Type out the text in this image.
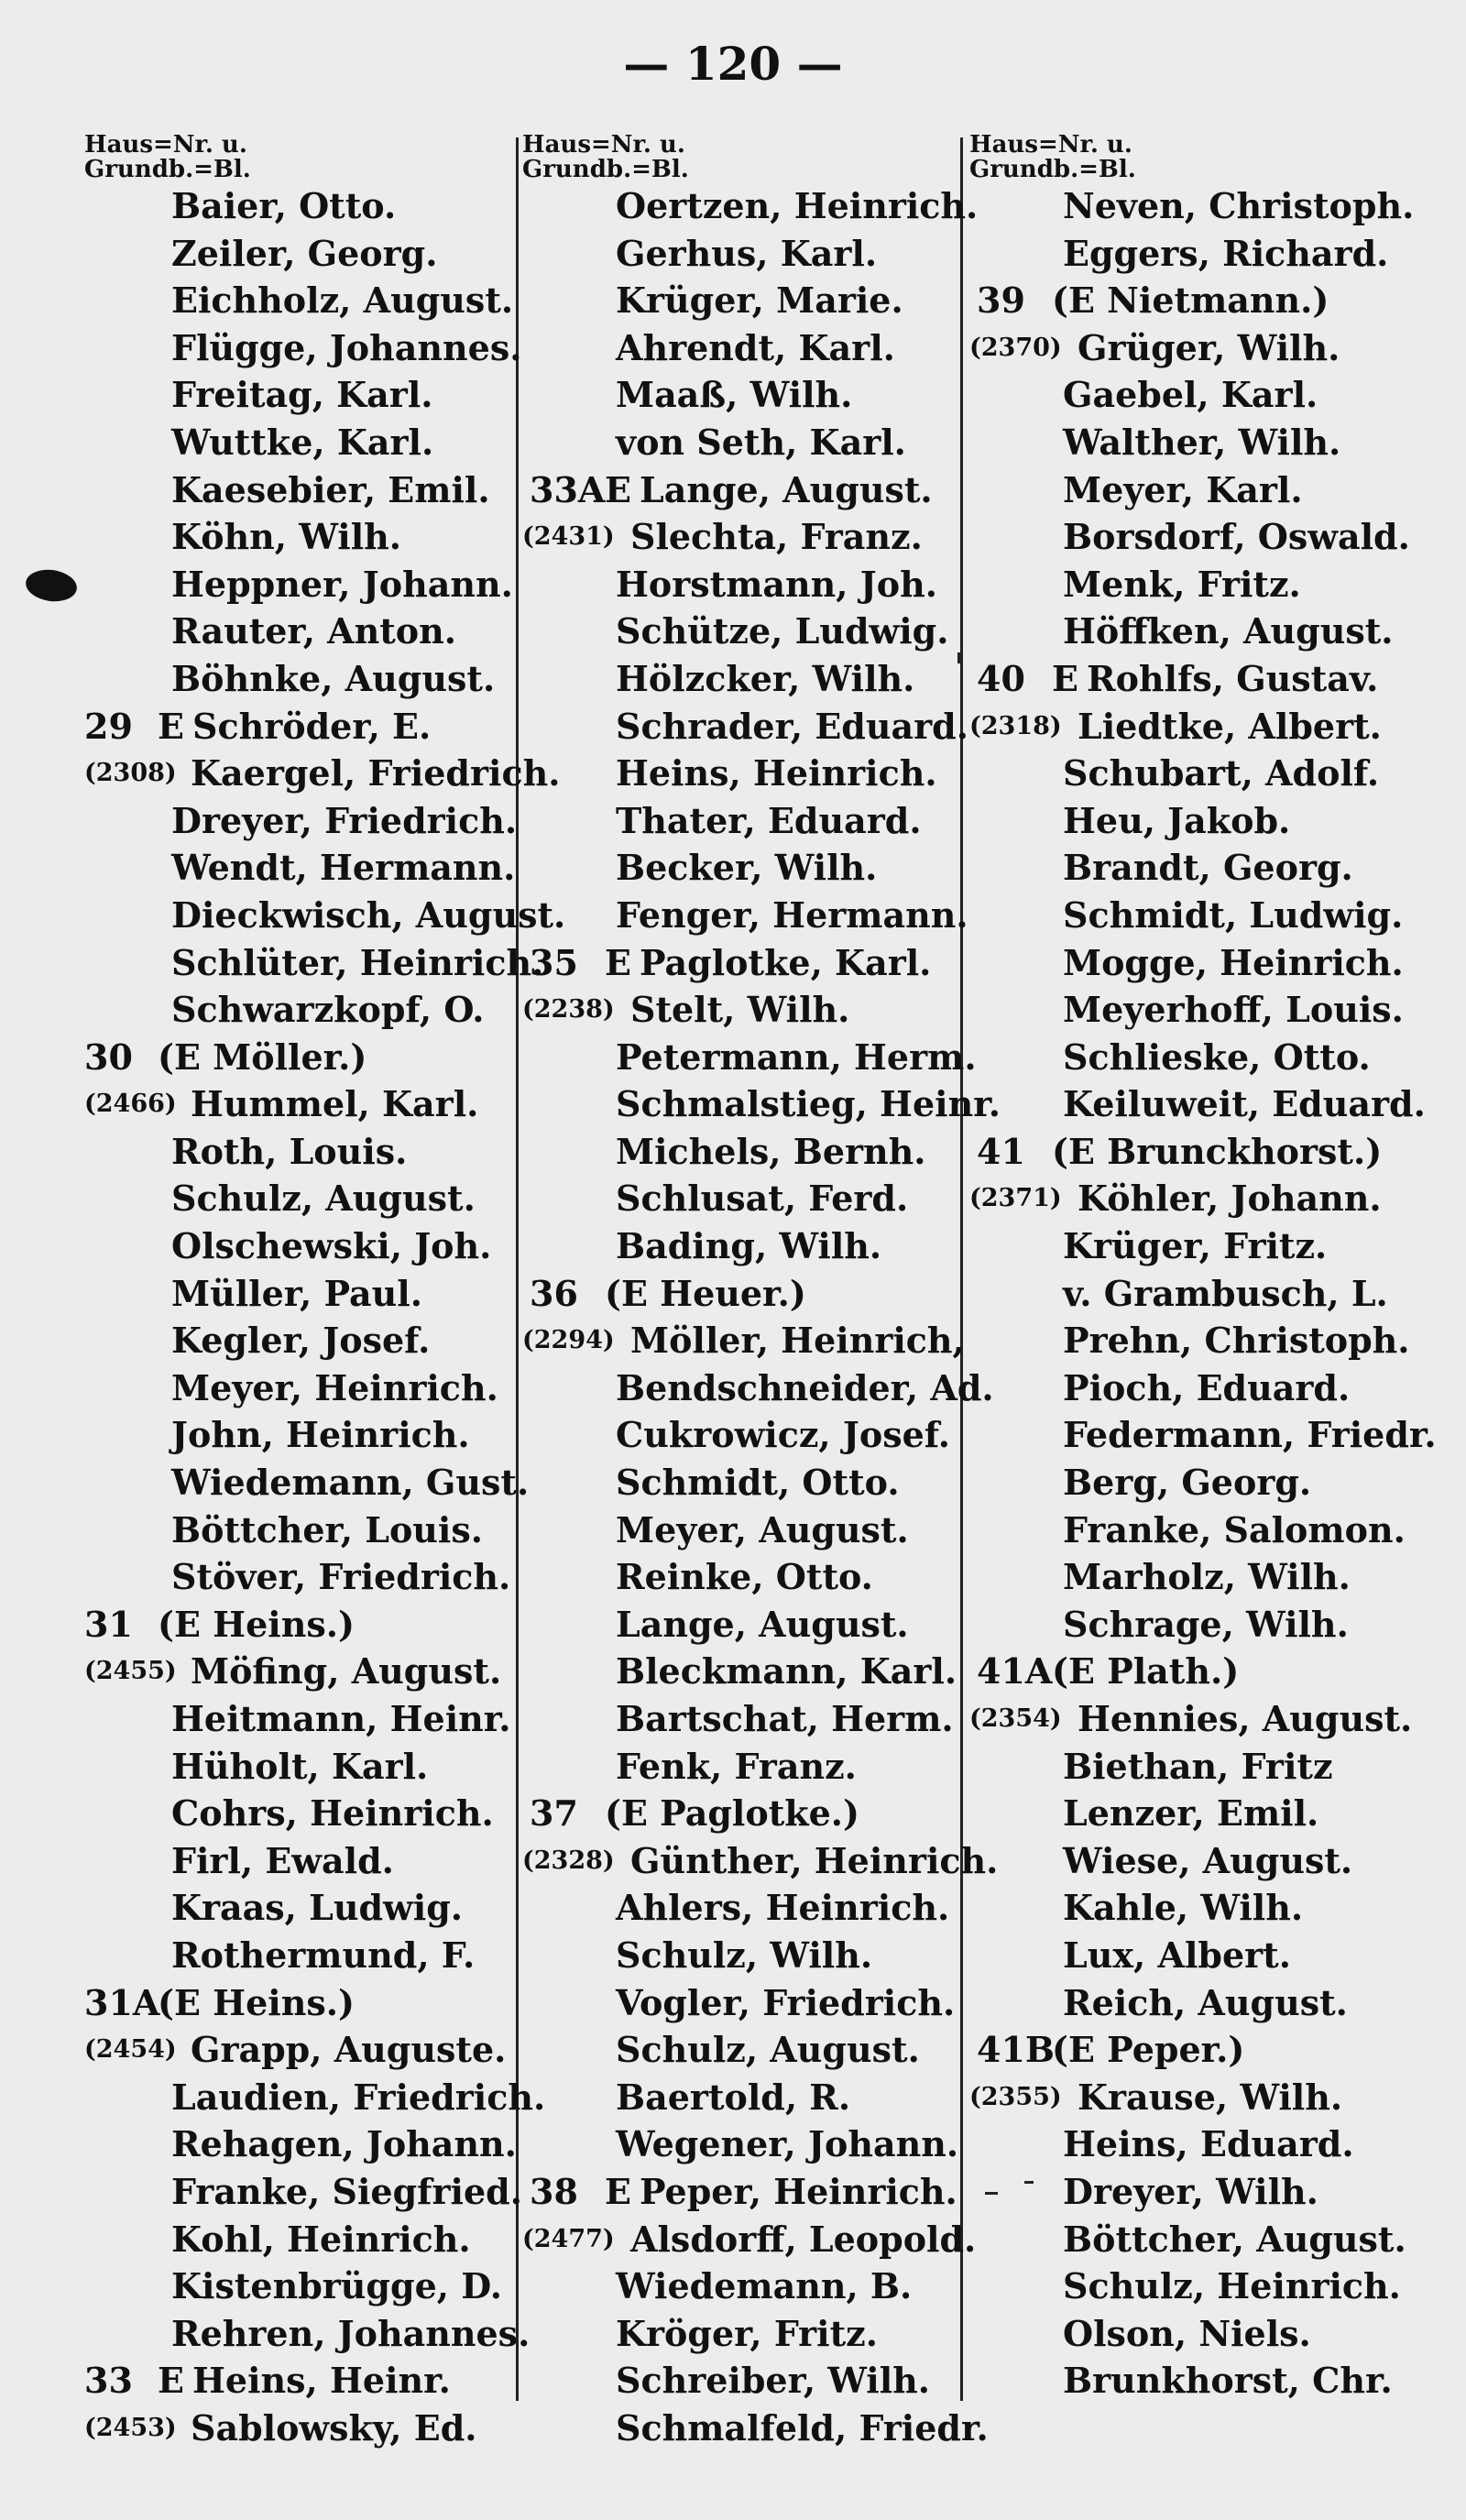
— 120 —
Haus=Nr. u.
Grundb.=Bl.
Baier, Otto.
Zeiler, Georg.
Eichholz, August.
Flügge, Johannes.
Freitag, Karl.
Wuttke, Karl.
Kaesebier, Emil.
Köhn, Wilh.
Heppner, Johann.
Rauter, Anton.
Böhnke, August.
29 E Schröder, E.
(2308) Kaergel, Friedrich.
Dreyer, Friedrich.
Wendt, Hermann.
Dieckwisch, August.
Schlüter, Heinrich.
Schwarzkopf, O.
30 (E Möller.)
(2466) Hummel, Karl.
Roth, Louis.
Schulz, August.
Olschewski, Joh.
Müller, Paul.
Kegler, Josef.
Meyer, Heinrich.
John, Heinrich.
Wiedemann, Gust.
Böttcher, Louis.
Stöver, Friedrich.
31 (E Heins.)
(2455) Möfing, August.
Heitmann, Heinr.
Hüholt, Karl.
Cohrs, Heinrich.
Firl, Ewald.
Kraas, Ludwig.
Rothermund, F.
31A
(E Heins.)
(2454) Grapp, Auguste.
Laudien, Friedrich.
Rehagen, Johann.
Franke, Siegfried.
Kohl, Heinrich.
Kistenbrügge, D.
Rehren, Johannes.
33 E Heins, Heinr.
(2453) Sablowsky, Ed.
Haus=Nr. u.
Grundb.=Bl.
Oertzen, Heinrich.
Gerhus, Karl.
Krüger, Marie.
Ahrendt, Karl.
Maaß, Wilh.
von Seth, Karl.
33A E Lange, August.
(2431) Slechta, Franz.
Horstmann, Joh.
Schütze, Ludwig.
Hölzcker, Wilh.
Schrader, Eduard.
Heins, Heinrich.
Thater, Eduard.
Becker, Wilh.
Fenger, Hermann.
35 E Paglotke, Karl.
(2238) Stelt, Wilh.
Petermann, Herm.
Schmalstieg, Heinr.
Michels, Bernh.
Schlusat, Ferd.
Bading, Wilh.
36 (E Heuer.)
(2294) Möller, Heinrich,
Bendschneider, Ad.
Cukrowicz, Josef.
Schmidt, Otto.
Meyer, August.
Reinke, Otto.
Lange, August.
Bleckmann, Karl.
Bartschat, Herm.
Fenk, Franz.
37 (E Paglotke.)
(2328) Günther, Heinrich.
Ahlers, Heinrich.
Schulz, Wilh.
Vogler, Friedrich.
Schulz, August.
Baertold, R.
Wegener, Johann.
38 E Peper, Heinrich.
(2477) Alsdorff, Leopold.
Wiedemann, B.
Kröger, Fritz.
Schreiber, Wilh.
Schmalfeld, Friedr.
Haus=Nr. u.
Grundb.=Bl.
Neven, Christoph.
Eggers, Richard.
39 (E Nietmann.)
(2370) Grüger, Wilh.
Gaebel, Karl.
Walther, Wilh.
Meyer, Karl.
Borsdorf, Oswald.
Menk, Fritz.
Höffken, August.
40 E Rohlfs, Gustav.
(2318) Liedtke, Albert.
Schubart, Adolf.
Heu, Jakob.
Brandt, Georg.
Schmidt, Ludwig.
Mogge, Heinrich.
Meyerhoff, Louis.
Schlieske, Otto.
Keiluweit, Eduard.
41 (E Brunckhorst.)
(2371) Köhler, Johann.
Krüger, Fritz.
v. Grambusch, L.
Prehn, Christoph.
Pioch, Eduard.
Federmann, Friedr.
Berg, Georg.
Franke, Salomon.
Marholz, Wilh.
Schrage, Wilh.
41A (E Plath.)
(2354) Hennies, August.
Biethan, Fritz
Lenzer, Emil.
Wiese, August.
Kahle, Wilh.
Lux, Albert.
Reich, August.
41B
(E Peper.)
(2355) Krause, Wilh.
Heins, Eduard.
Dreyer, Wilh.
Böttcher, August.
Schulz, Heinrich.
Olson, Niels.
Brunkhorst, Chr.
